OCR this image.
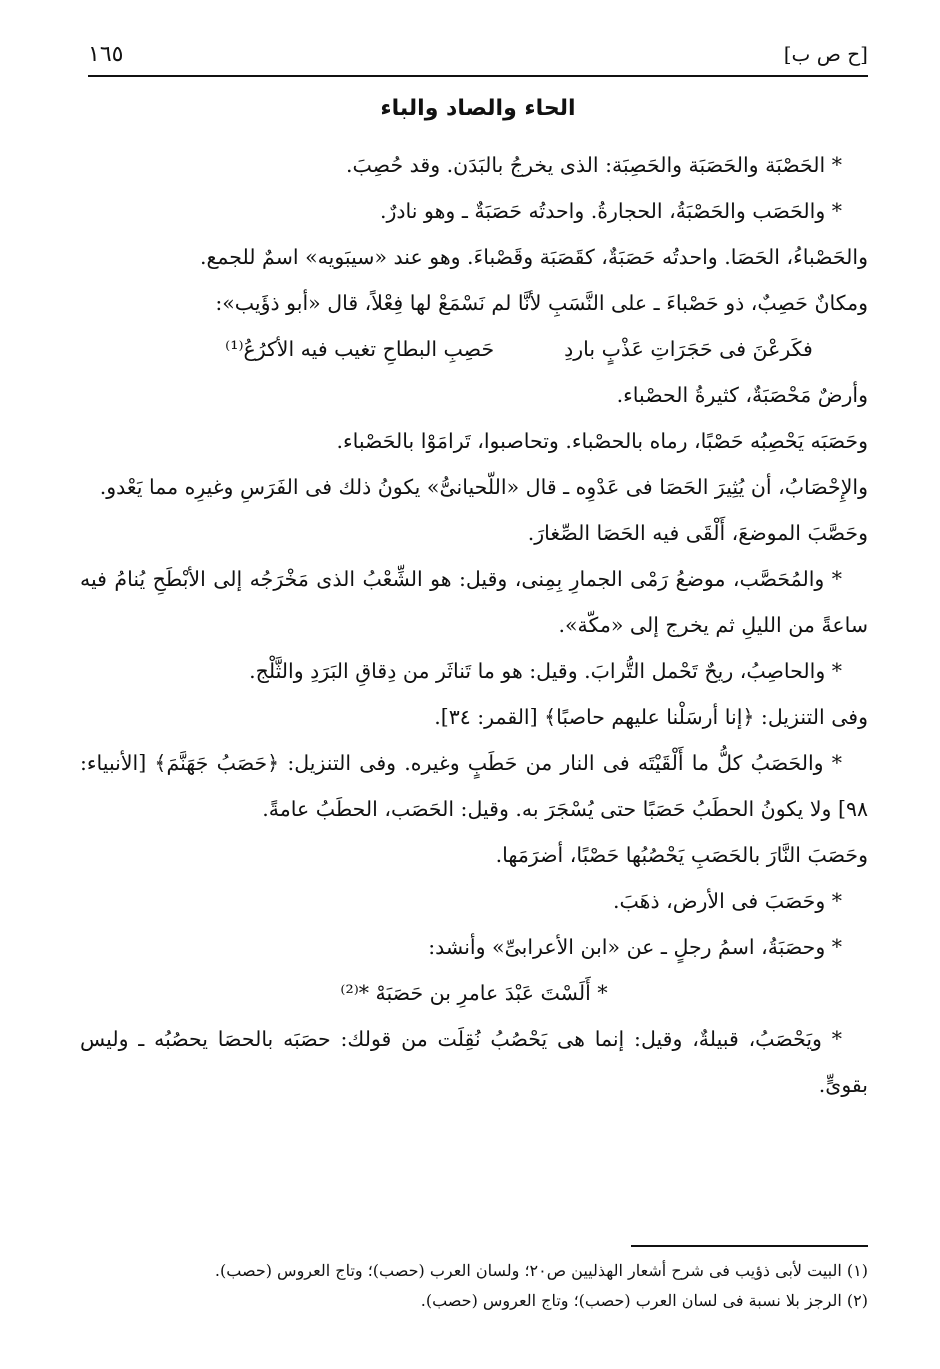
[ح ص ب]
١٦٥
الحاء والصاد والباء

* الحَصْبَة والحَصَبَة والحَصِبَة: الذى يخرجُ بالبَدَن. وقد حُصِبَ.

* والحَصَب والحَصْبَةُ، الحجارةُ. واحدتُه حَصَبَةٌ ـ وهو نادرٌ.

والحَصْباءُ، الحَصَا. واحدتُه حَصَبَةٌ، كقَصَبَة وقَصْباءَ. وهو عند «سيبَويه» اسمٌ للجمع.

ومكانٌ حَصِبٌ، ذو حَصْباءَ ـ على النَّسَبِ لأنَّا لم نَسْمَعْ لها فِعْلاً، قال «أبو ذؤَيب»:

فكَرعْنَ فى حَجَرَاتِ عَذْبٍ باردِ
حَصِبِ البطاحِ تغيب فيه الأكرُعُ⁽¹⁾

وأرضٌ مَحْصَبَةٌ، كثيرةُ الحصْباء.

وحَصَبَه يَحْصِبُه حَصْبًا، رماه بالحصْباء. وتحاصبوا، تَرامَوْا بالحَصْباء.

والإِحْصَابُ، أن يُثِيرَ الحَصَا فى عَدْوِه ـ قال «اللّحيانىُّ» يكونُ ذلك فى الفَرَسِ وغيرِه مما يَعْدو.

وحَصَّبَ الموضعَ، أَلْقَى فيه الحَصَا الصِّغارَ.

* والمُحَصَّب، موضعُ رَمْى الجمارِ بِمِنى، وقيل: هو الشِّعْبُ الذى مَخْرَجُه إلى الأبْطَحِ يُنامُ فيه ساعةً من الليلِ ثم يخرج إلى «مكّة».

* والحاصِبُ، ريحٌ تَحْمل التُّرابَ. وقيل: هو ما تَناثَر من دِقاقِ البَرَدِ والثَّلْج.

وفى التنزيل: ﴿إنا أرسَلْنا عليهم حاصبًا﴾ [القمر: ٣٤].

* والحَصَبُ كلُّ ما أَلْقَيْتَه فى النار من حَطَبٍ وغيره. وفى التنزيل: ﴿حَصَبُ جَهَنَّمَ﴾ [الأنبياء: ٩٨] ولا يكونُ الحطَبُ حَصَبًا حتى يُسْجَرَ به. وقيل: الحَصَب، الحطَبُ عامةً.

وحَصَبَ النَّارَ بالحَصَبِ يَحْصُبُها حَصْبًا، أضرَمَها.

* وحَصَبَ فى الأرض، ذهَبَ.

* وحصَبَةُ، اسمُ رجلٍ ـ عن «ابن الأعرابىِّ» وأنشد:

* أَلَسْتَ عَبْدَ عامرِ بن حَصَبَهْ *⁽²⁾

* ويَحْصَبُ، قبيلةٌ، وقيل: إنما هى يَحْصُبُ نُقِلَت من قولك: حصَبَه بالحصَا يحصُبُه ـ وليس بقوىٍّ.

(١) البيت لأبى ذؤيب فى شرح أشعار الهذليين ص٢٠؛ ولسان العرب (حصب)؛ وتاج العروس (حصب).

(٢) الرجز بلا نسبة فى لسان العرب (حصب)؛ وتاج العروس (حصب).
